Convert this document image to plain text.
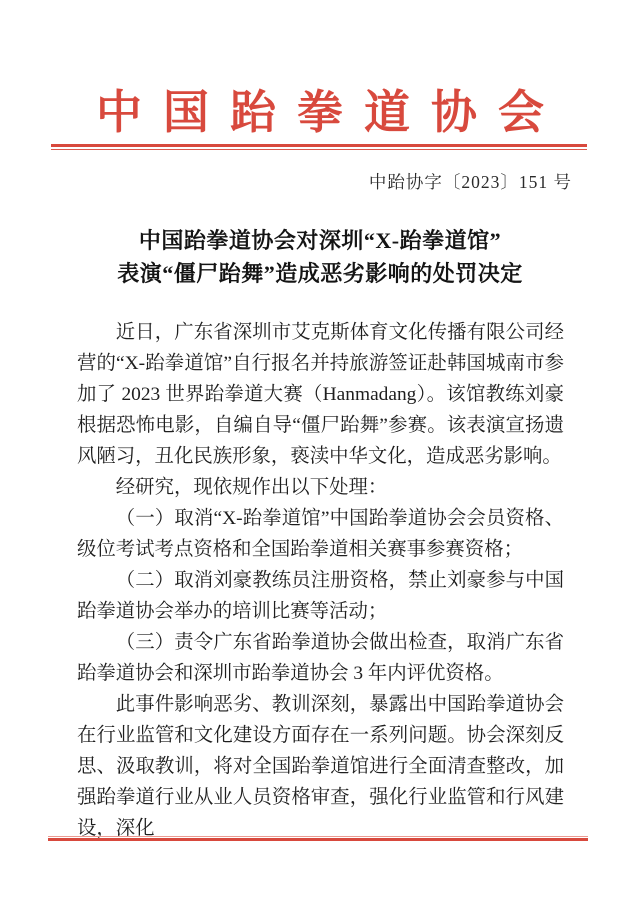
中国跆拳道协会
中跆协字〔2023〕151 号
中国跆拳道协会对深圳“X-跆拳道馆”
表演“僵尸跆舞”造成恶劣影响的处罚决定

近日，广东省深圳市艾克斯体育文化传播有限公司经营的“X-跆拳道馆”自行报名并持旅游签证赴韩国城南市参加了 2023 世界跆拳道大赛（Hanmadang）。该馆教练刘豪根据恐怖电影，自编自导“僵尸跆舞”参赛。该表演宣扬遗风陋习，丑化民族形象，亵渎中华文化，造成恶劣影响。

经研究，现依规作出以下处理：

（一）取消“X-跆拳道馆”中国跆拳道协会会员资格、级位考试考点资格和全国跆拳道相关赛事参赛资格；

（二）取消刘豪教练员注册资格，禁止刘豪参与中国跆拳道协会举办的培训比赛等活动；

（三）责令广东省跆拳道协会做出检查，取消广东省跆拳道协会和深圳市跆拳道协会 3 年内评优资格。

此事件影响恶劣、教训深刻，暴露出中国跆拳道协会在行业监管和文化建设方面存在一系列问题。协会深刻反思、汲取教训，将对全国跆拳道馆进行全面清查整改，加强跆拳道行业从业人员资格审查，强化行业监管和行风建设，深化
